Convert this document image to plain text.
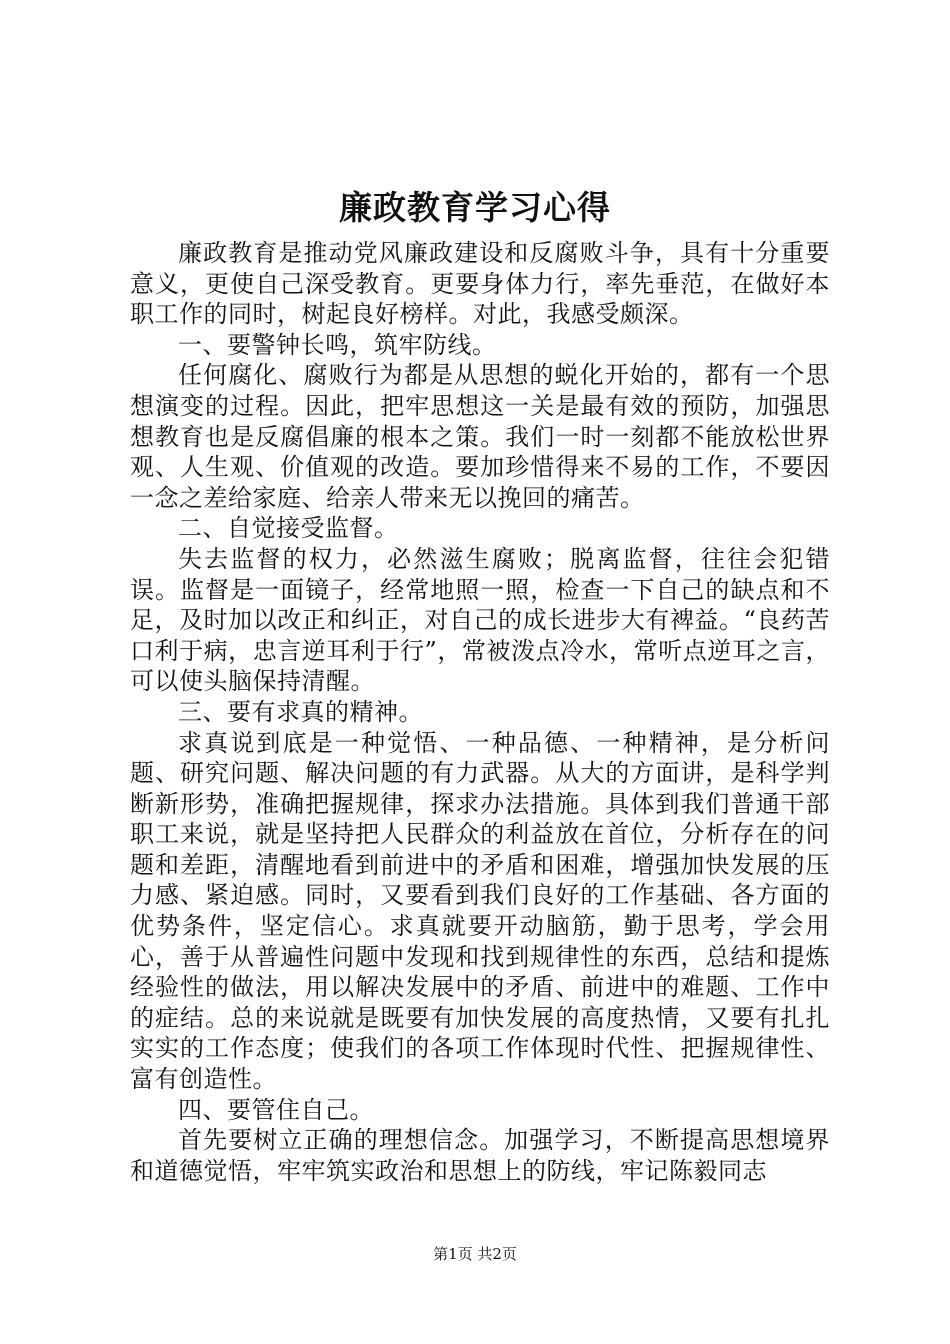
廉政教育学习心得

廉政教育是推动党风廉政建设和反腐败斗争，具有十分重要意义，更使自己深受教育。更要身体力行，率先垂范，在做好本职工作的同时，树起良好榜样。对此，我感受颇深。

一、要警钟长鸣，筑牢防线。

任何腐化、腐败行为都是从思想的蜕化开始的，都有一个思想演变的过程。因此，把牢思想这一关是最有效的预防，加强思想教育也是反腐倡廉的根本之策。我们一时一刻都不能放松世界观、人生观、价值观的改造。要加珍惜得来不易的工作，不要因一念之差给家庭、给亲人带来无以挽回的痛苦。

二、自觉接受监督。

失去监督的权力，必然滋生腐败；脱离监督，往往会犯错误。监督是一面镜子，经常地照一照，检查一下自己的缺点和不足，及时加以改正和纠正，对自己的成长进步大有裨益。“良药苦口利于病，忠言逆耳利于行”，常被泼点冷水，常听点逆耳之言，可以使头脑保持清醒。

三、要有求真的精神。

求真说到底是一种觉悟、一种品德、一种精神，是分析问题、研究问题、解决问题的有力武器。从大的方面讲，是科学判断新形势，准确把握规律，探求办法措施。具体到我们普通干部职工来说，就是坚持把人民群众的利益放在首位，分析存在的问题和差距，清醒地看到前进中的矛盾和困难，增强加快发展的压力感、紧迫感。同时，又要看到我们良好的工作基础、各方面的优势条件，坚定信心。求真就要开动脑筋，勤于思考，学会用心，善于从普遍性问题中发现和找到规律性的东西，总结和提炼经验性的做法，用以解决发展中的矛盾、前进中的难题、工作中的症结。总的来说就是既要有加快发展的高度热情，又要有扎扎实实的工作态度；使我们的各项工作体现时代性、把握规律性、富有创造性。

四、要管住自己。

首先要树立正确的理想信念。加强学习，不断提高思想境界和道德觉悟，牢牢筑实政治和思想上的防线，牢记陈毅同志

第1页 共2页
